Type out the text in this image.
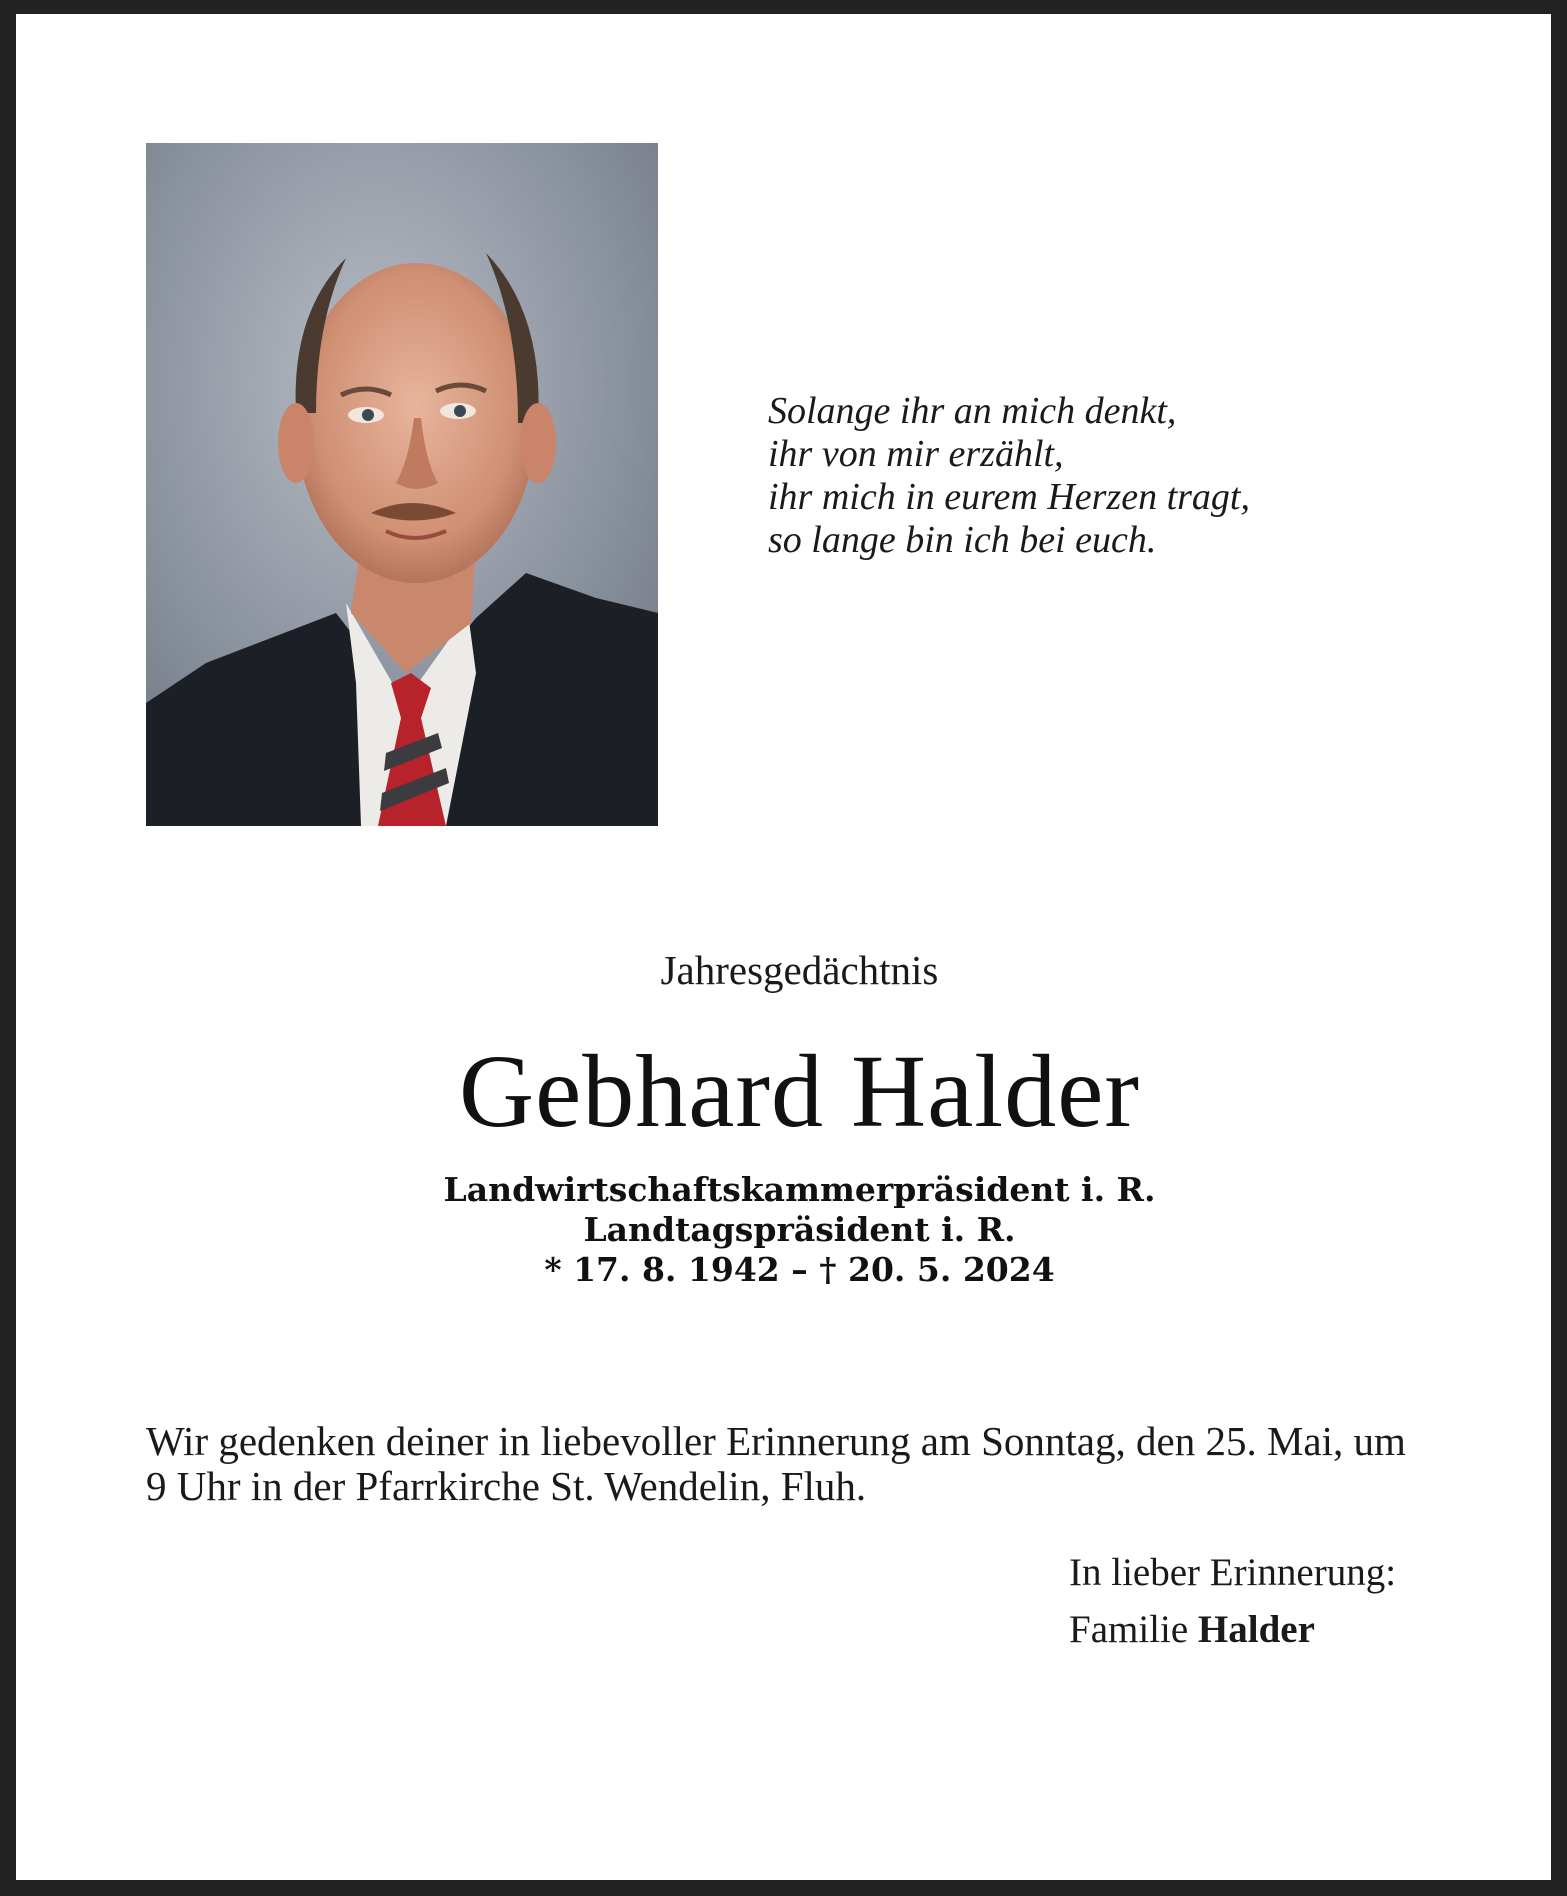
Solange ihr an mich denkt,
ihr von mir erzählt,
ihr mich in eurem Herzen tragt,
so lange bin ich bei euch.
Jahresgedächtnis
Gebhard Halder
Landwirtschaftskammerpräsident i. R.
Landtagspräsident i. R.
* 17. 8. 1942 – † 20. 5. 2024
Wir gedenken deiner in liebevoller Erinnerung am Sonntag, den 25. Mai, um
9 Uhr in der Pfarrkirche St. Wendelin, Fluh.
In lieber Erinnerung:
Familie Halder
